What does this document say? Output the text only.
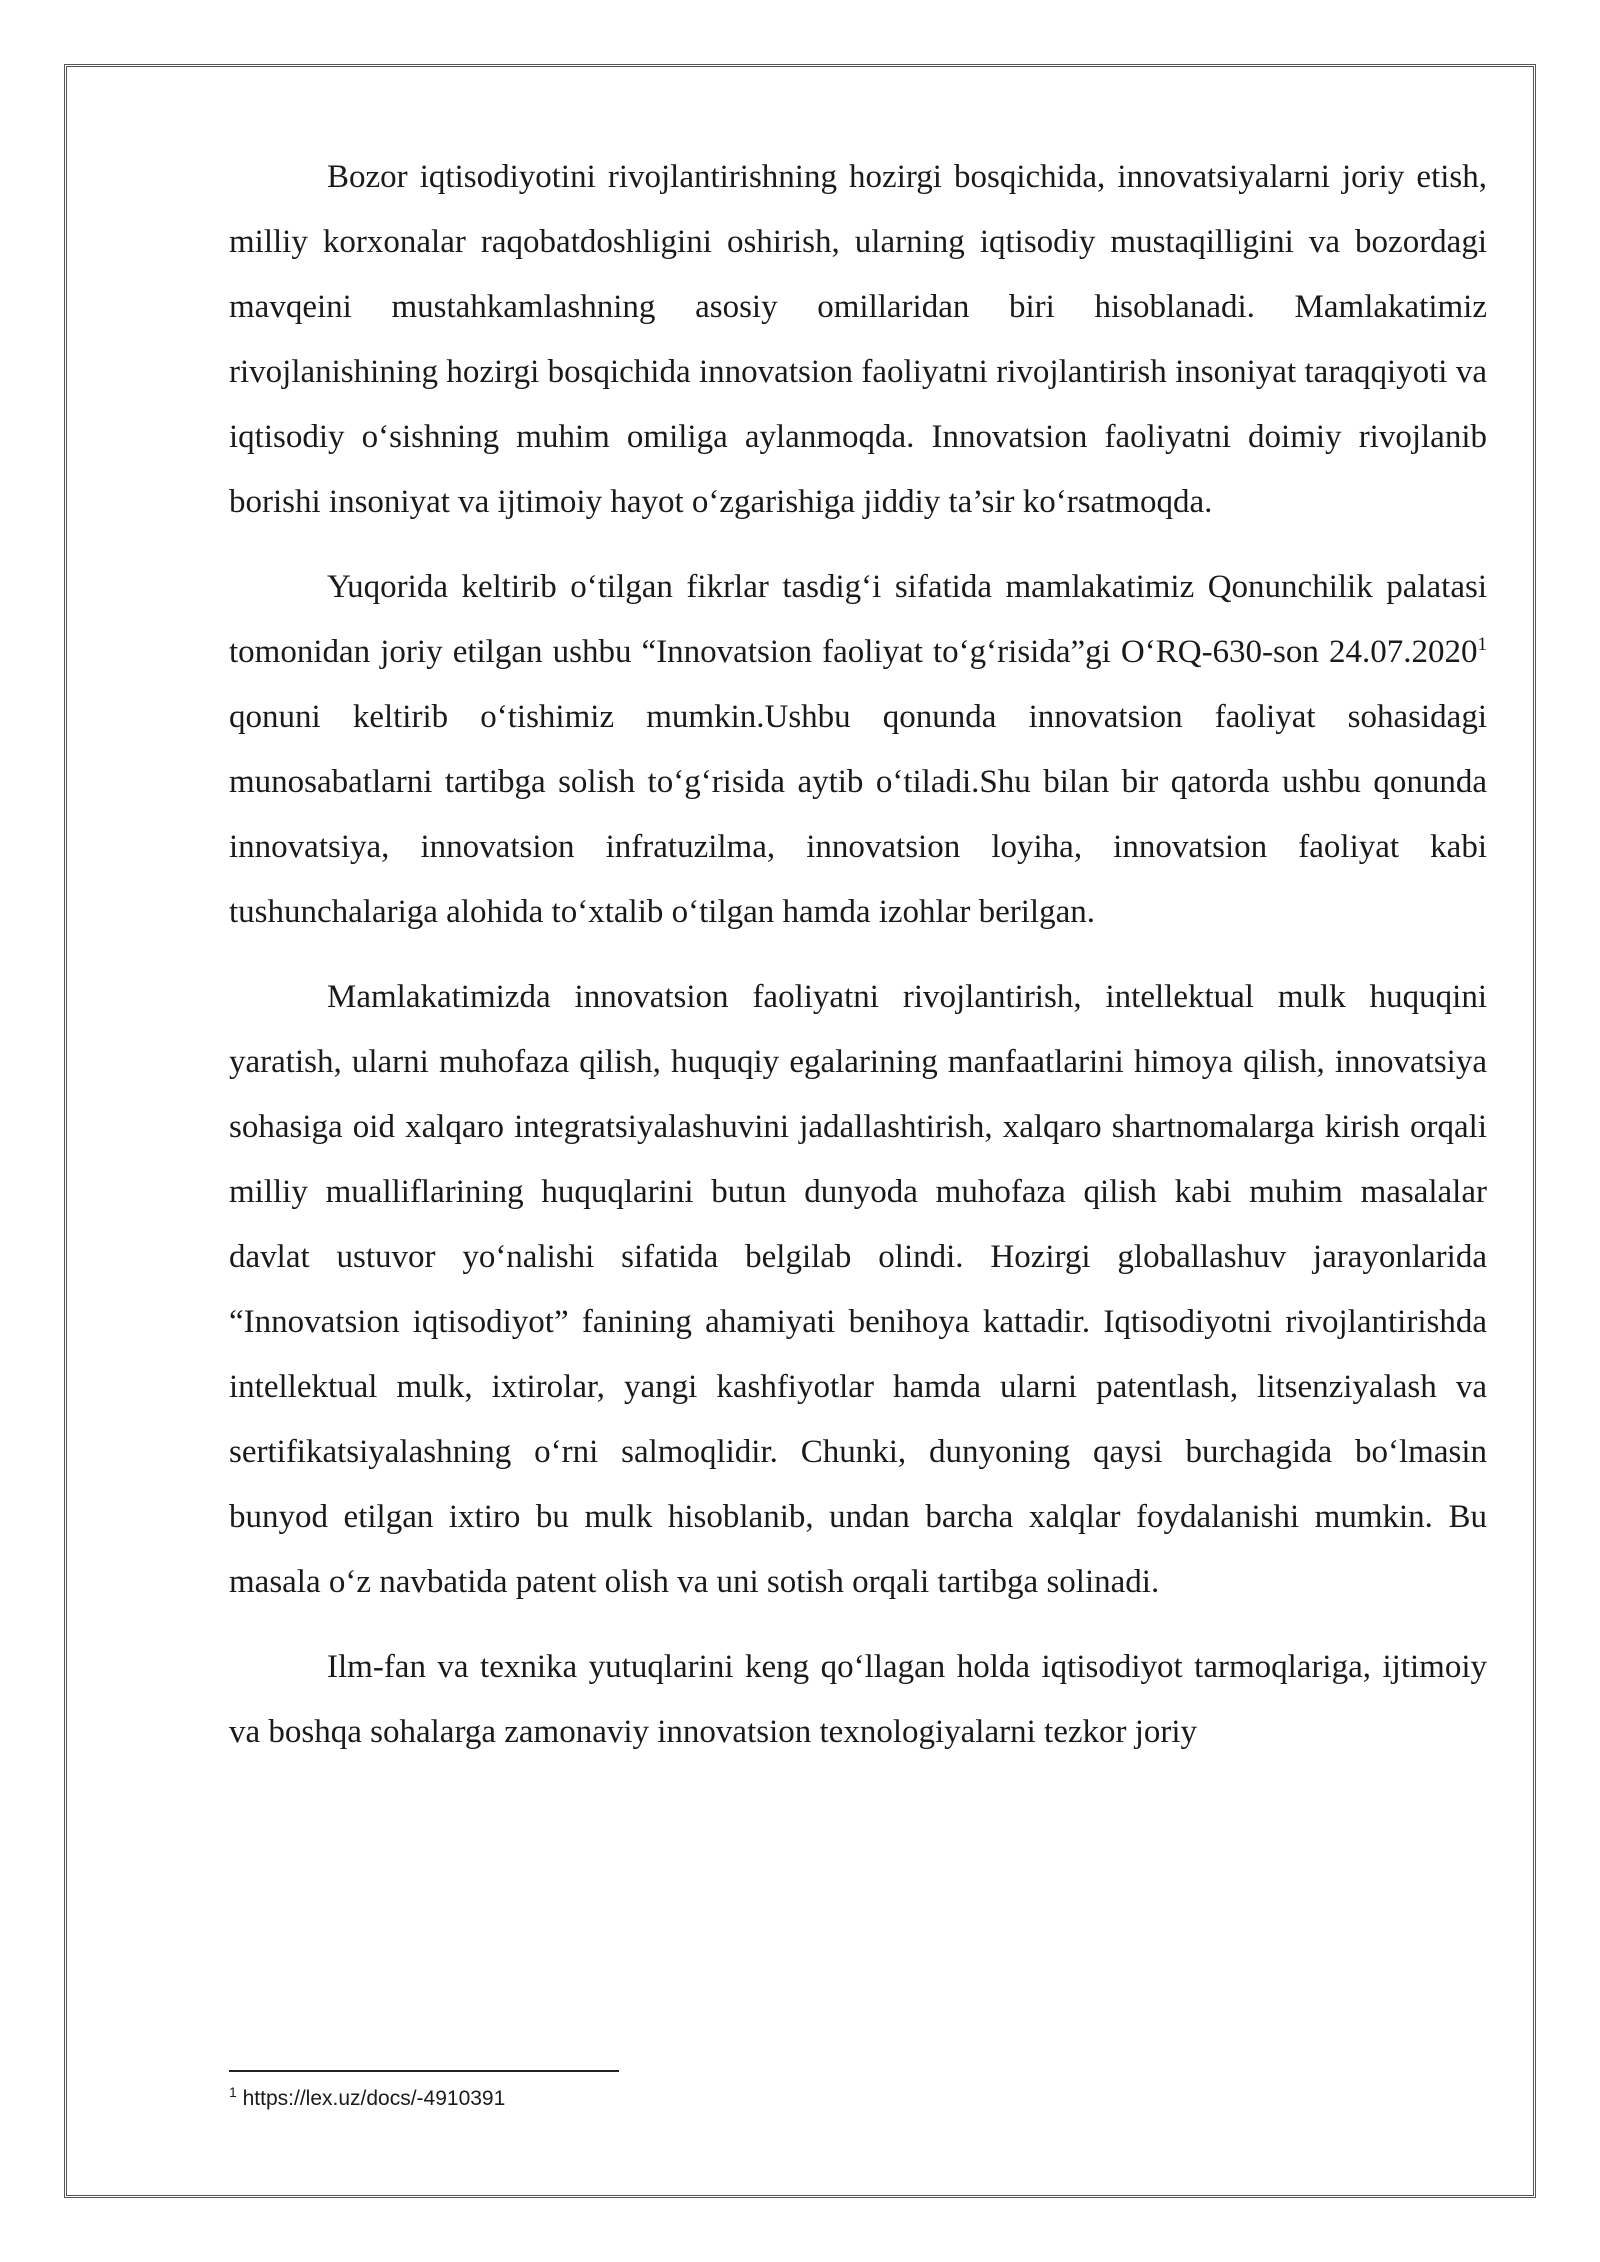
Bozor iqtisodiyotini rivojlantirishning hozirgi bosqichida, innovatsiyalarni joriy etish, milliy korxonalar raqobatdoshligini oshirish, ularning iqtisodiy mustaqilligini va bozordagi mavqeini mustahkamlashning asosiy omillaridan biri hisoblanadi. Mamlakatimiz rivojlanishining hozirgi bosqichida innovatsion faoliyatni rivojlantirish insoniyat taraqqiyoti va iqtisodiy o‘sishning muhim omiliga aylanmoqda. Innovatsion faoliyatni doimiy rivojlanib borishi insoniyat va ijtimoiy hayot o‘zgarishiga jiddiy ta’sir ko‘rsatmoqda.

Yuqorida keltirib o‘tilgan fikrlar tasdig‘i sifatida mamlakatimiz Qonunchilik palatasi tomonidan joriy etilgan ushbu “Innovatsion faoliyat to‘g‘risida”gi O‘RQ-630-son 24.07.2020$^1$ qonuni keltirib o‘tishimiz mumkin.Ushbu qonunda innovatsion faoliyat sohasidagi munosabatlarni tartibga solish to‘g‘risida aytib o‘tiladi.Shu bilan bir qatorda ushbu qonunda innovatsiya, innovatsion infratuzilma, innovatsion loyiha, innovatsion faoliyat kabi tushunchalariga alohida to‘xtalib o‘tilgan hamda izohlar berilgan.

Mamlakatimizda innovatsion faoliyatni rivojlantirish, intellektual mulk huquqini yaratish, ularni muhofaza qilish, huquqiy egalarining manfaatlarini himoya qilish, innovatsiya sohasiga oid xalqaro integratsiyalashuvini jadallashtirish, xalqaro shartnomalarga kirish orqali milliy mualliflarining huquqlarini butun dunyoda muhofaza qilish kabi muhim masalalar davlat ustuvor yo‘nalishi sifatida belgilab olindi. Hozirgi globallashuv jarayonlarida “Innovatsion iqtisodiyot” fanining ahamiyati benihoya kattadir. Iqtisodiyotni rivojlantirishda intellektual mulk, ixtirolar, yangi kashfiyotlar hamda ularni patentlash, litsenziyalash va sertifikatsiyalashning o‘rni salmoqlidir. Chunki, dunyoning qaysi burchagida bo‘lmasin bunyod etilgan ixtiro bu mulk hisoblanib, undan barcha xalqlar foydalanishi mumkin. Bu masala o‘z navbatida patent olish va uni sotish orqali tartibga solinadi.

Ilm-fan va texnika yutuqlarini keng qo‘llagan holda iqtisodiyot tarmoqlariga, ijtimoiy va boshqa sohalarga zamonaviy innovatsion texnologiyalarni tezkor joriy

$^1$ https://lex.uz/docs/-4910391
